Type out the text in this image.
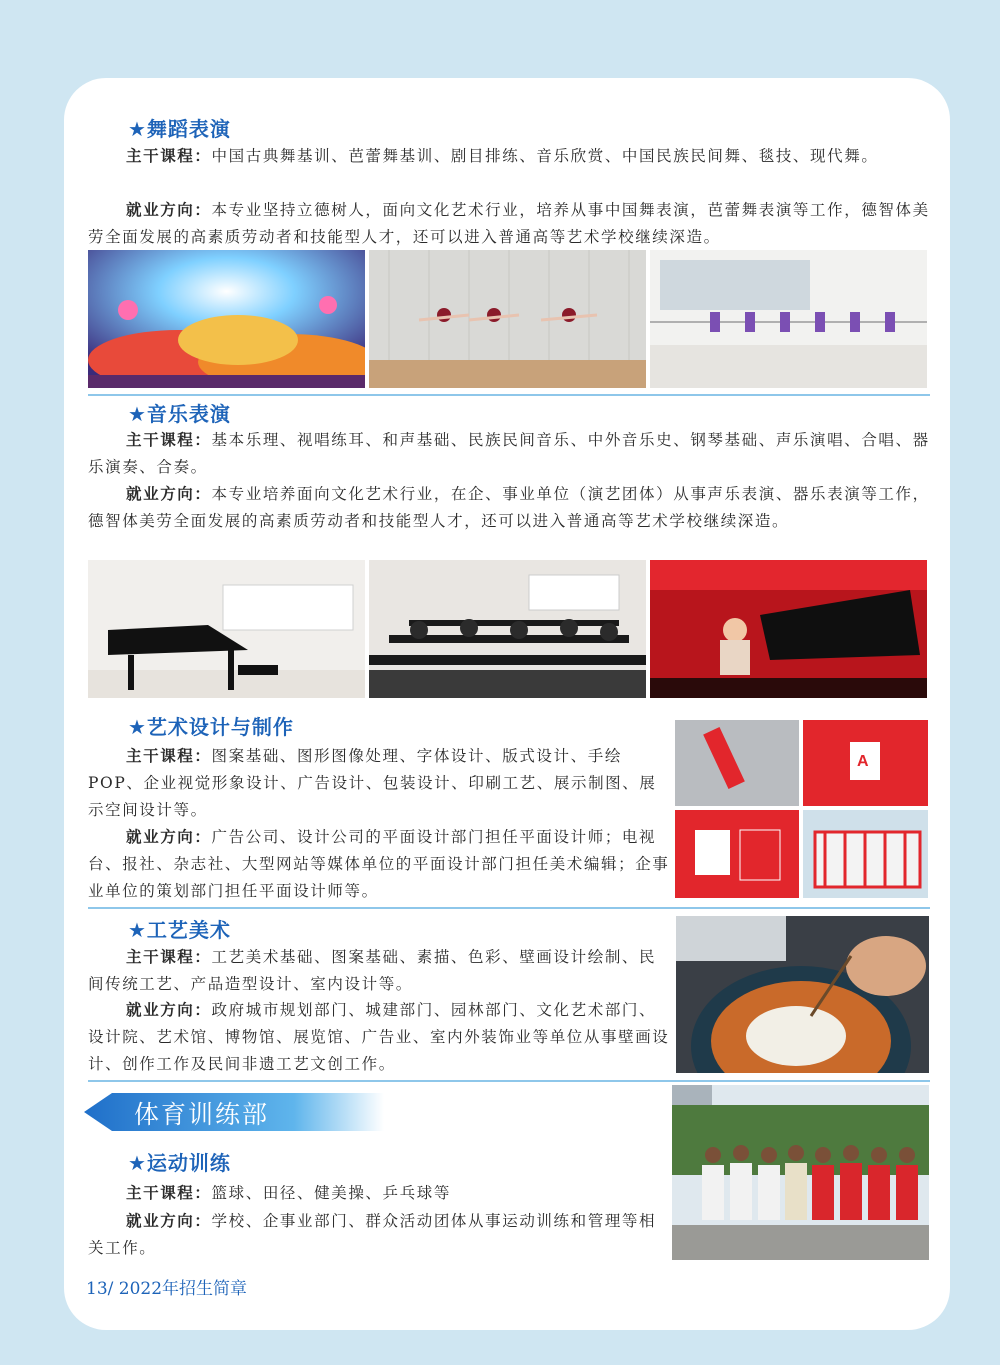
★舞蹈表演
主干课程：中国古典舞基训、芭蕾舞基训、剧目排练、音乐欣赏、中国民族民间舞、毯技、现代舞。
就业方向：本专业坚持立德树人，面向文化艺术行业，培养从事中国舞表演，芭蕾舞表演等工作，德智体美劳全面发展的高素质劳动者和技能型人才，还可以进入普通高等艺术学校继续深造。
★音乐表演
主干课程：基本乐理、视唱练耳、和声基础、民族民间音乐、中外音乐史、钢琴基础、声乐演唱、合唱、器乐演奏、合奏。
就业方向：本专业培养面向文化艺术行业，在企、事业单位（演艺团体）从事声乐表演、器乐表演等工作，德智体美劳全面发展的高素质劳动者和技能型人才，还可以进入普通高等艺术学校继续深造。
★艺术设计与制作
主干课程：图案基础、图形图像处理、字体设计、版式设计、手绘POP、企业视觉形象设计、广告设计、包装设计、印刷工艺、展示制图、展示空间设计等。
就业方向：广告公司、设计公司的平面设计部门担任平面设计师；电视台、报社、杂志社、大型网站等媒体单位的平面设计部门担任美术编辑；企事业单位的策划部门担任平面设计师等。
A
★工艺美术
主干课程：工艺美术基础、图案基础、素描、色彩、壁画设计绘制、民间传统工艺、产品造型设计、室内设计等。
就业方向：政府城市规划部门、城建部门、园林部门、文化艺术部门、设计院、艺术馆、博物馆、展览馆、广告业、室内外装饰业等单位从事壁画设计、创作工作及民间非遗工艺文创工作。
体育训练部
★运动训练
主干课程：篮球、田径、健美操、乒乓球等
就业方向：学校、企事业部门、群众活动团体从事运动训练和管理等相关工作。
13/ 2022年招生简章
